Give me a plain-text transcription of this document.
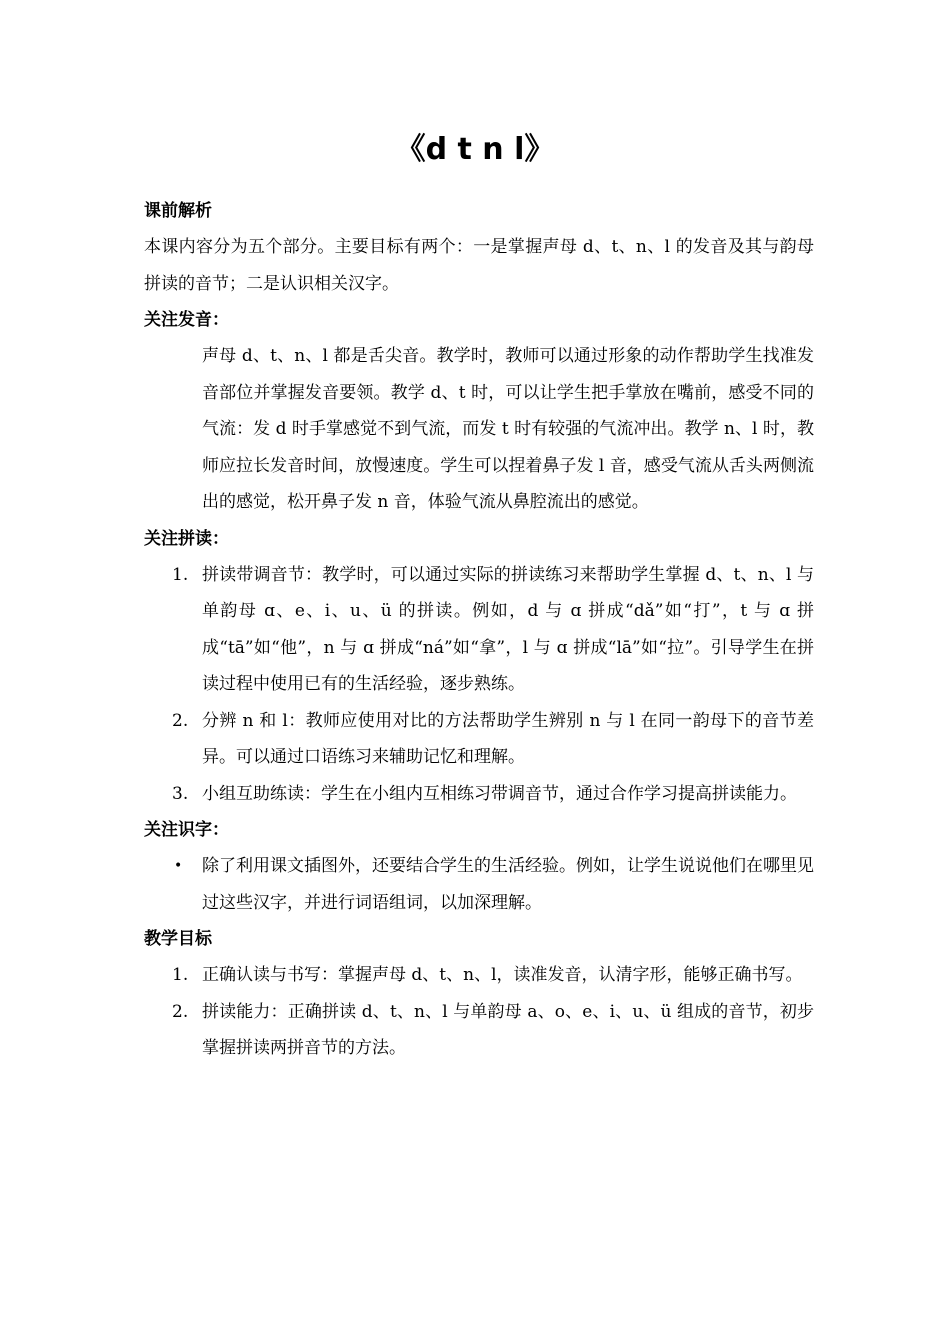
《d t n l》
课前解析
本课内容分为五个部分。主要目标有两个：一是掌握声母 d、t、n、l 的发音及其与韵母拼读的音节；二是认识相关汉字。
关注发音：
声母 d、t、n、l 都是舌尖音。教学时，教师可以通过形象的动作帮助学生找准发音部位并掌握发音要领。教学 d、t 时，可以让学生把手掌放在嘴前，感受不同的气流：发 d 时手掌感觉不到气流，而发 t 时有较强的气流冲出。教学 n、l 时，教师应拉长发音时间，放慢速度。学生可以捏着鼻子发 l 音，感受气流从舌头两侧流出的感觉，松开鼻子发 n 音，体验气流从鼻腔流出的感觉。
关注拼读：
1. 拼读带调音节：教学时，可以通过实际的拼读练习来帮助学生掌握 d、t、n、l 与单韵母 ɑ、e、i、u、ü 的拼读。例如，d 与 ɑ 拼成“dǎ”如“打”，t 与 ɑ 拼成“tā”如“他”，n 与 ɑ 拼成“ná”如“拿”，l 与 ɑ 拼成“lā”如“拉”。引导学生在拼读过程中使用已有的生活经验，逐步熟练。
2. 分辨 n 和 l：教师应使用对比的方法帮助学生辨别 n 与 l 在同一韵母下的音节差异。可以通过口语练习来辅助记忆和理解。
3. 小组互助练读：学生在小组内互相练习带调音节，通过合作学习提高拼读能力。
关注识字：
• 除了利用课文插图外，还要结合学生的生活经验。例如，让学生说说他们在哪里见过这些汉字，并进行词语组词，以加深理解。
教学目标
1. 正确认读与书写：掌握声母 d、t、n、l，读准发音，认清字形，能够正确书写。
2. 拼读能力：正确拼读 d、t、n、l 与单韵母 a、o、e、i、u、ü 组成的音节，初步掌握拼读两拼音节的方法。
